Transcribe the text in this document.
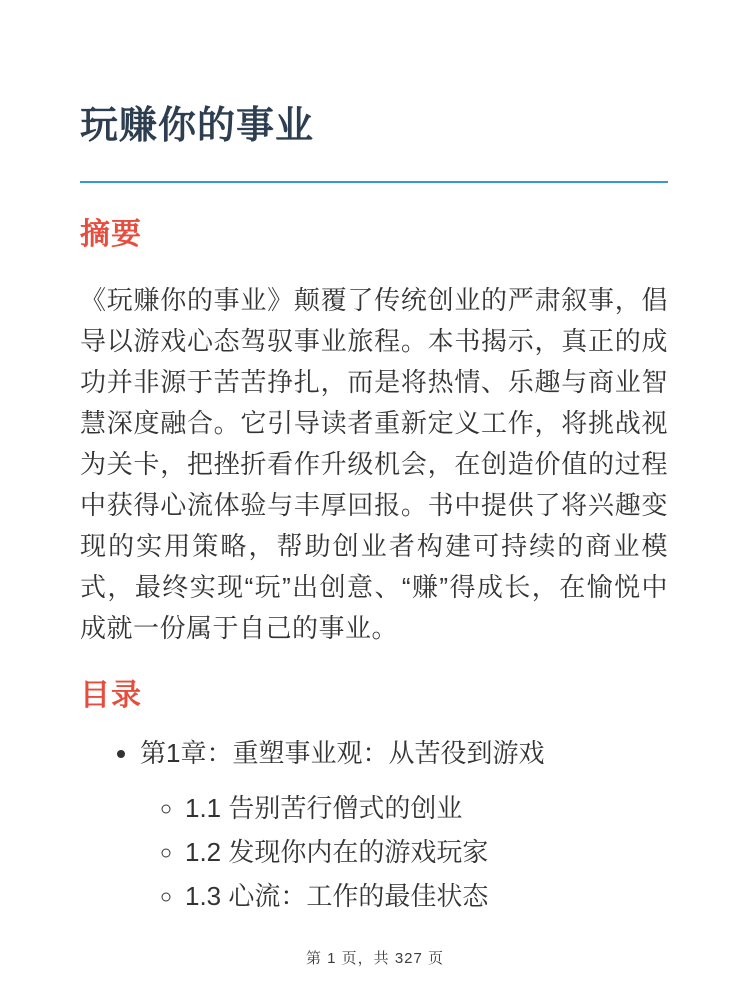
玩赚你的事业
摘要

《玩赚你的事业》颠覆了传统创业的严肃叙事，倡导以游戏心态驾驭事业旅程。本书揭示，真正的成功并非源于苦苦挣扎，而是将热情、乐趣与商业智慧深度融合。它引导读者重新定义工作，将挑战视为关卡，把挫折看作升级机会，在创造价值的过程中获得心流体验与丰厚回报。书中提供了将兴趣变现的实用策略，帮助创业者构建可持续的商业模式，最终实现“玩”出创意、“赚”得成长，在愉悦中成就一份属于自己的事业。

目录
• 第1章：重塑事业观：从苦役到游戏
◦ 1.1 告别苦行僧式的创业
◦ 1.2 发现你内在的游戏玩家
◦ 1.3 心流：工作的最佳状态
第 1 页，共 327 页
